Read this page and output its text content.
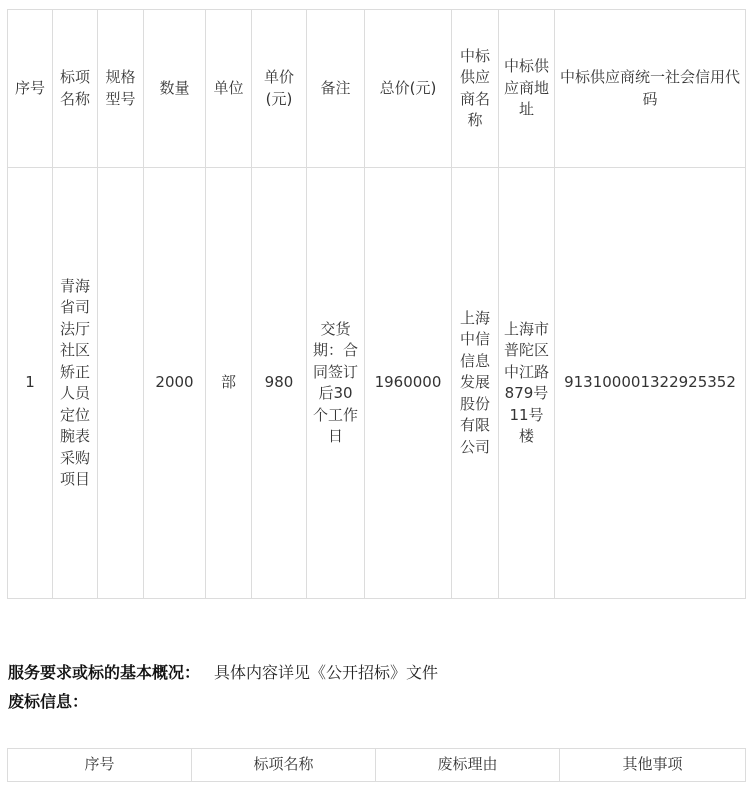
序号	标项名称	规格型号	数量	单位	单价(元)	备注	总价(元)	中标供应商名称	中标供应商地址	中标供应商统一社会信用代码
1	青海省司法厅社区矫正人员定位腕表采购项目		2000	部	980	交货期：合同签订后30个工作日	1960000	上海中信信息发展股份有限公司	上海市普陀区中江路879号11号楼	913100001322925352
服务要求或标的基本概况： 具体内容详见《公开招标》文件
废标信息：
序号	标项名称	废标理由	其他事项
